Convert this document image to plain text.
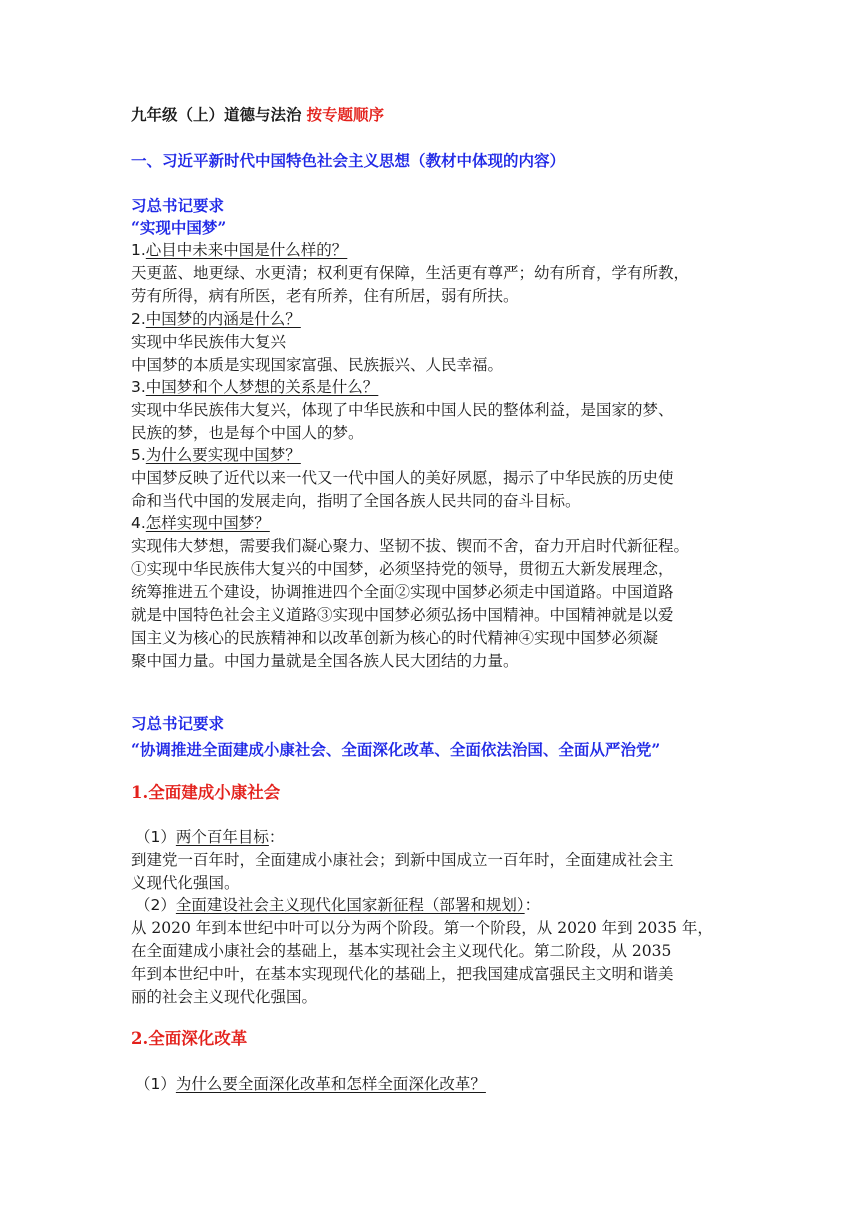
九年级（上）道德与法治 按专题顺序
一、习近平新时代中国特色社会主义思想（教材中体现的内容）
习总书记要求
“实现中国梦”
1.心目中未来中国是什么样的？
天更蓝、地更绿、水更清；权利更有保障，生活更有尊严；幼有所育，学有所教，
劳有所得，病有所医，老有所养，住有所居，弱有所扶。
2.中国梦的内涵是什么？
实现中华民族伟大复兴
中国梦的本质是实现国家富强、民族振兴、人民幸福。
3.中国梦和个人梦想的关系是什么？
实现中华民族伟大复兴，体现了中华民族和中国人民的整体利益，是国家的梦、
民族的梦，也是每个中国人的梦。
5.为什么要实现中国梦？
中国梦反映了近代以来一代又一代中国人的美好夙愿，揭示了中华民族的历史使
命和当代中国的发展走向，指明了全国各族人民共同的奋斗目标。
4.怎样实现中国梦？
实现伟大梦想，需要我们凝心聚力、坚韧不拔、锲而不舍，奋力开启时代新征程。
①实现中华民族伟大复兴的中国梦，必须坚持党的领导，贯彻五大新发展理念，
统筹推进五个建设，协调推进四个全面②实现中国梦必须走中国道路。中国道路
就是中国特色社会主义道路③实现中国梦必须弘扬中国精神。中国精神就是以爱
国主义为核心的民族精神和以改革创新为核心的时代精神④实现中国梦必须凝
聚中国力量。中国力量就是全国各族人民大团结的力量。
习总书记要求
“协调推进全面建成小康社会、全面深化改革、全面依法治国、全面从严治党”
1.全面建成小康社会
（1）两个百年目标：
到建党一百年时，全面建成小康社会；到新中国成立一百年时，全面建成社会主
义现代化强国。
（2）全面建设社会主义现代化国家新征程（部署和规划）：
从 2020 年到本世纪中叶可以分为两个阶段。第一个阶段，从 2020 年到 2035 年，
在全面建成小康社会的基础上，基本实现社会主义现代化。第二阶段，从 2035
年到本世纪中叶，在基本实现现代化的基础上，把我国建成富强民主文明和谐美
丽的社会主义现代化强国。
2.全面深化改革
（1）为什么要全面深化改革和怎样全面深化改革？
